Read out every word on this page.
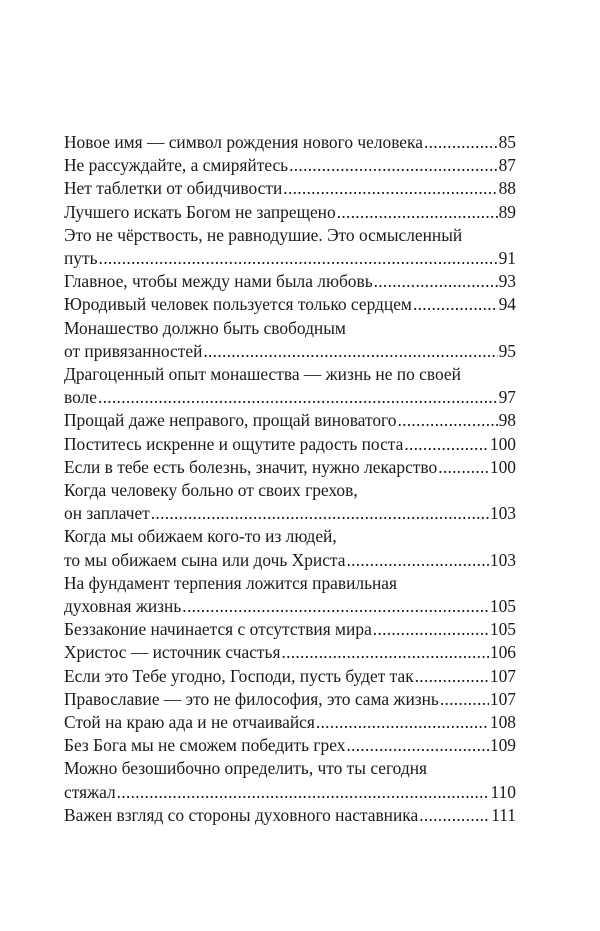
Новое имя — символ рождения нового человека .....	85
Не рассуждайте, а смиряйтесь .....	87
Нет таблетки от обидчивости .....	88
Лучшего искать Богом не запрещено .....	89
Это не чёрствость, не равнодушие. Это осмысленный
путь .....	91
Главное, чтобы между нами была любовь .....	93
Юродивый человек пользуется только сердцем .....	94
Монашество должно быть свободным
от привязанностей .....	95
Драгоценный опыт монашества — жизнь не по своей
воле .....	97
Прощай даже неправого, прощай виноватого .....	98
Поститесь искренне и ощутите радость поста .....	100
Если в тебе есть болезнь, значит, нужно лекарство .....	100
Когда человеку больно от своих грехов,
он заплачет .....	103
Когда мы обижаем кого-то из людей,
то мы обижаем сына или дочь Христа .....	103
На фундамент терпения ложится правильная
духовная жизнь .....	105
Беззаконие начинается с отсутствия мира .....	105
Христос — источник счастья .....	106
Если это Тебе угодно, Господи, пусть будет так .....	107
Православие — это не философия, это сама жизнь .....	107
Стой на краю ада и не отчаивайся .....	108
Без Бога мы не сможем победить грех .....	109
Можно безошибочно определить, что ты сегодня
стяжал .....	110
Важен взгляд со стороны духовного наставника .....	111
